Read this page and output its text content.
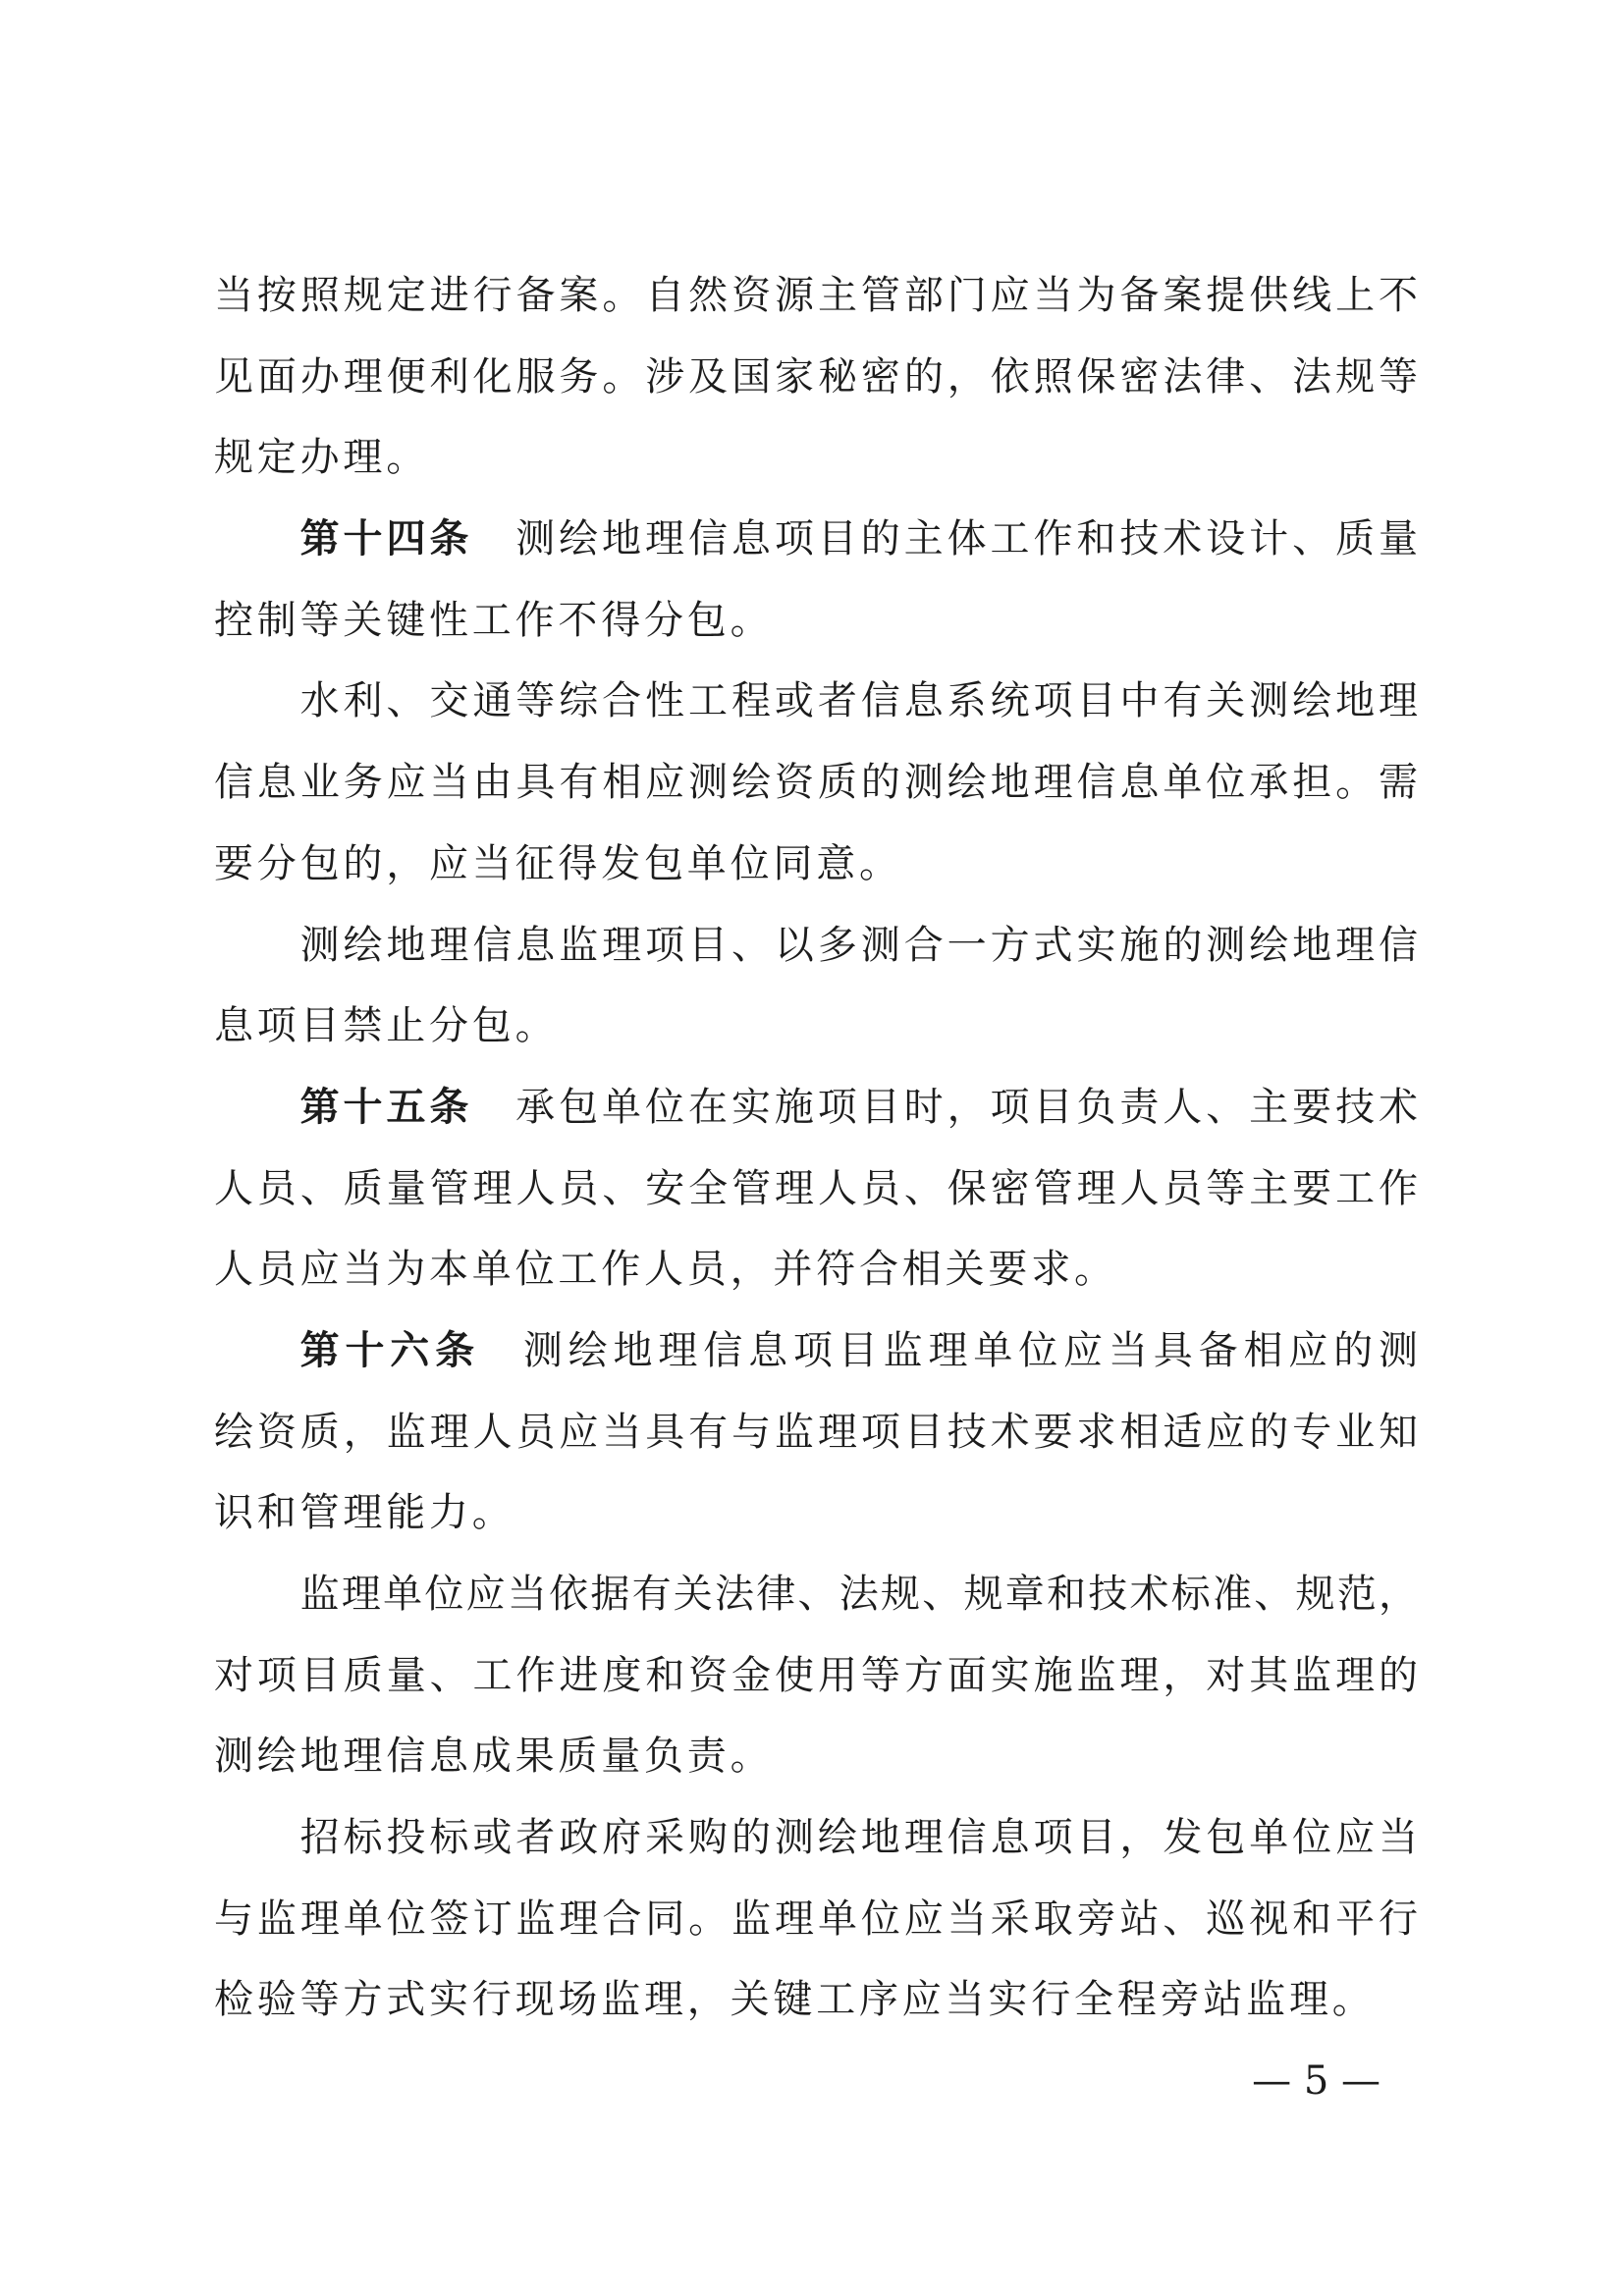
当按照规定进行备案。自然资源主管部门应当为备案提供线上不
见面办理便利化服务。涉及国家秘密的，依照保密法律、法规等
规定办理。
第十四条 测绘地理信息项目的主体工作和技术设计、质量
控制等关键性工作不得分包。
水利、交通等综合性工程或者信息系统项目中有关测绘地理
信息业务应当由具有相应测绘资质的测绘地理信息单位承担。需
要分包的，应当征得发包单位同意。
测绘地理信息监理项目、以多测合一方式实施的测绘地理信
息项目禁止分包。
第十五条 承包单位在实施项目时，项目负责人、主要技术
人员、质量管理人员、安全管理人员、保密管理人员等主要工作
人员应当为本单位工作人员，并符合相关要求。
第十六条 测绘地理信息项目监理单位应当具备相应的测
绘资质，监理人员应当具有与监理项目技术要求相适应的专业知
识和管理能力。
监理单位应当依据有关法律、法规、规章和技术标准、规范，
对项目质量、工作进度和资金使用等方面实施监理，对其监理的
测绘地理信息成果质量负责。
招标投标或者政府采购的测绘地理信息项目，发包单位应当
与监理单位签订监理合同。监理单位应当采取旁站、巡视和平行
检验等方式实行现场监理，关键工序应当实行全程旁站监理。
— 5 —
